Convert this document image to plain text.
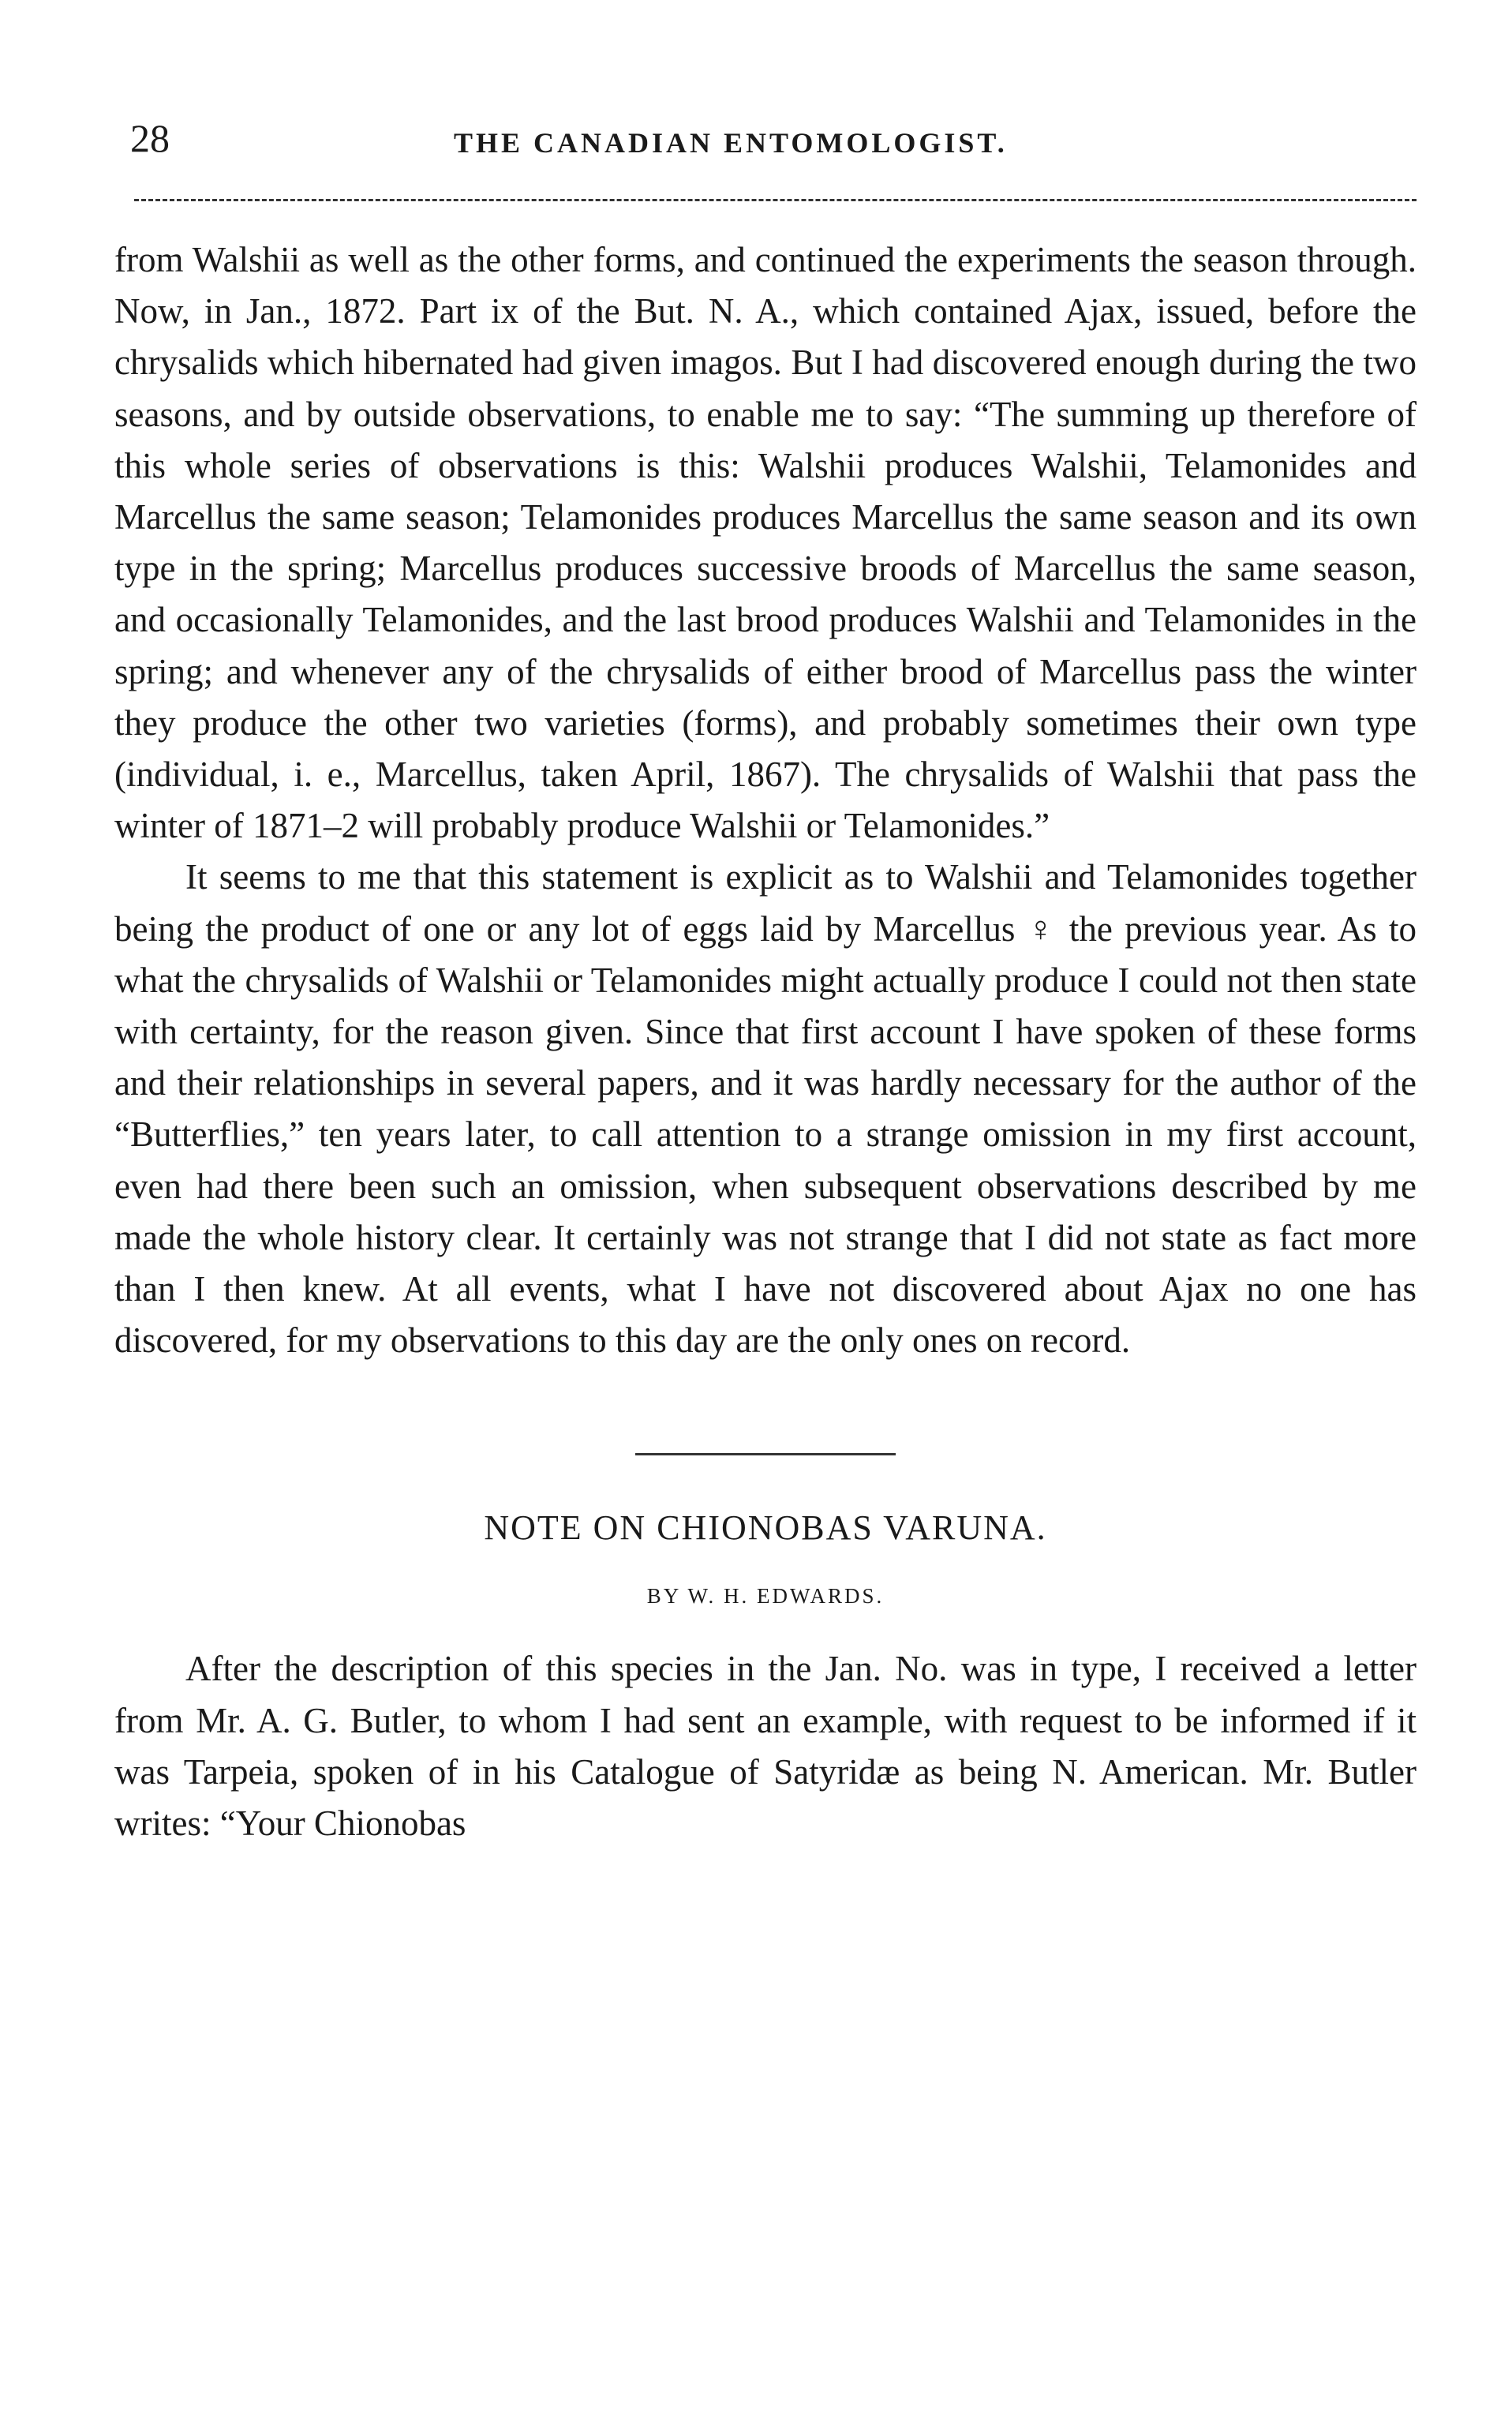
28	THE CANADIAN ENTOMOLOGIST.

from Walshii as well as the other forms, and continued the experiments the season through. Now, in Jan., 1872. Part ix of the But. N. A., which contained Ajax, issued, before the chrysalids which hibernated had given imagos. But I had discovered enough during the two seasons, and by outside observations, to enable me to say: “The summing up therefore of this whole series of observations is this: Walshii produces Walshii, Telamonides and Marcellus the same season; Telamonides produces Marcellus the same season and its own type in the spring; Marcellus produces successive broods of Marcellus the same season, and occasionally Telamonides, and the last brood produces Walshii and Telamonides in the spring; and whenever any of the chrysalids of either brood of Marcellus pass the winter they produce the other two varieties (forms), and probably sometimes their own type (individual, i. e., Marcellus, taken April, 1867). The chrysalids of Walshii that pass the winter of 1871–2 will probably produce Walshii or Telamonides.”

It seems to me that this statement is explicit as to Walshii and Telamonides together being the product of one or any lot of eggs laid by Marcellus ♀ the previous year. As to what the chrysalids of Walshii or Telamonides might actually produce I could not then state with certainty, for the reason given. Since that first account I have spoken of these forms and their relationships in several papers, and it was hardly necessary for the author of the “Butterflies,” ten years later, to call attention to a strange omission in my first account, even had there been such an omission, when subsequent observations described by me made the whole history clear. It certainly was not strange that I did not state as fact more than I then knew. At all events, what I have not discovered about Ajax no one has discovered, for my observations to this day are the only ones on record.

NOTE ON CHIONOBAS VARUNA.
BY W. H. EDWARDS.

After the description of this species in the Jan. No. was in type, I received a letter from Mr. A. G. Butler, to whom I had sent an example, with request to be informed if it was Tarpeia, spoken of in his Catalogue of Satyridæ as being N. American. Mr. Butler writes: “Your Chionobas
